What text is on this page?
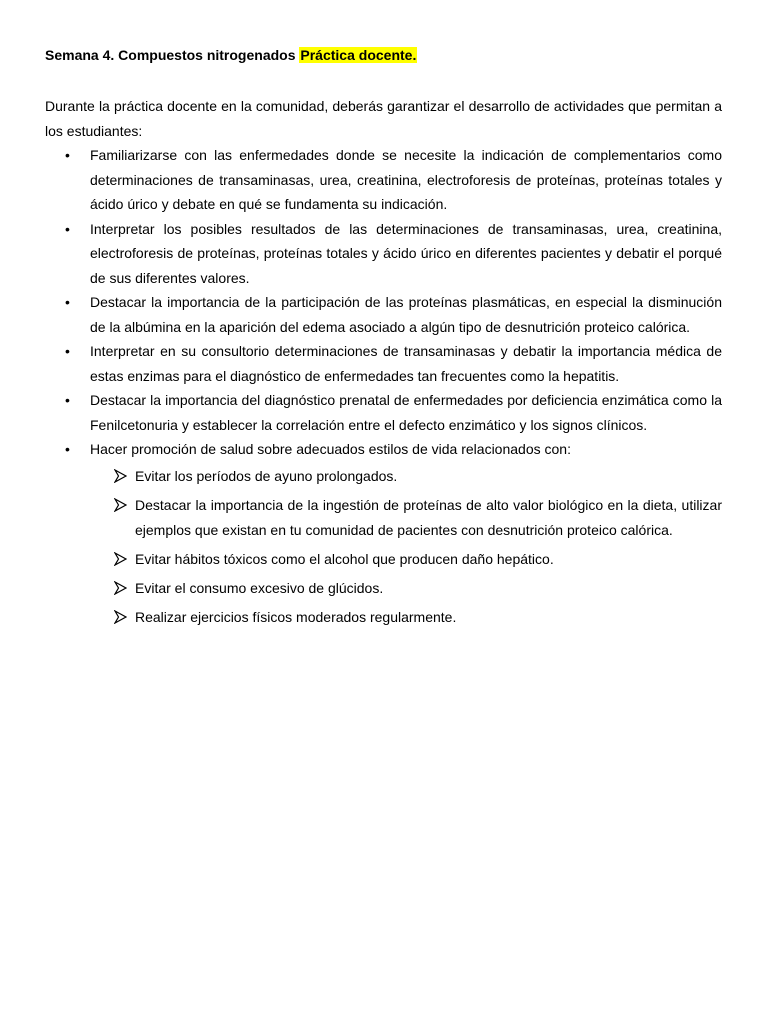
Semana 4. Compuestos nitrogenados Práctica docente.

Durante la práctica docente en la comunidad, deberás garantizar el desarrollo de actividades que permitan a los estudiantes:

• Familiarizarse con las enfermedades donde se necesite la indicación de complementarios como determinaciones de transaminasas, urea, creatinina, electroforesis de proteínas, proteínas totales y ácido úrico y debate en qué se fundamenta su indicación.
• Interpretar los posibles resultados de las determinaciones de transaminasas, urea, creatinina, electroforesis de proteínas, proteínas totales y ácido úrico en diferentes pacientes y debatir el porqué de sus diferentes valores.
• Destacar la importancia de la participación de las proteínas plasmáticas, en especial la disminución de la albúmina en la aparición del edema asociado a algún tipo de desnutrición proteico calórica.
• Interpretar en su consultorio determinaciones de transaminasas y debatir la importancia médica de estas enzimas para el diagnóstico de enfermedades tan frecuentes como la hepatitis.
• Destacar la importancia del diagnóstico prenatal de enfermedades por deficiencia enzimática como la Fenilcetonuria y establecer la correlación entre el defecto enzimático y los signos clínicos.
• Hacer promoción de salud sobre adecuados estilos de vida relacionados con:
Evitar los períodos de ayuno prolongados.
Destacar la importancia de la ingestión de proteínas de alto valor biológico en la dieta, utilizar ejemplos que existan en tu comunidad de pacientes con desnutrición proteico calórica.
Evitar hábitos tóxicos como el alcohol que producen daño hepático.
Evitar el consumo excesivo de glúcidos.
Realizar ejercicios físicos moderados regularmente.
